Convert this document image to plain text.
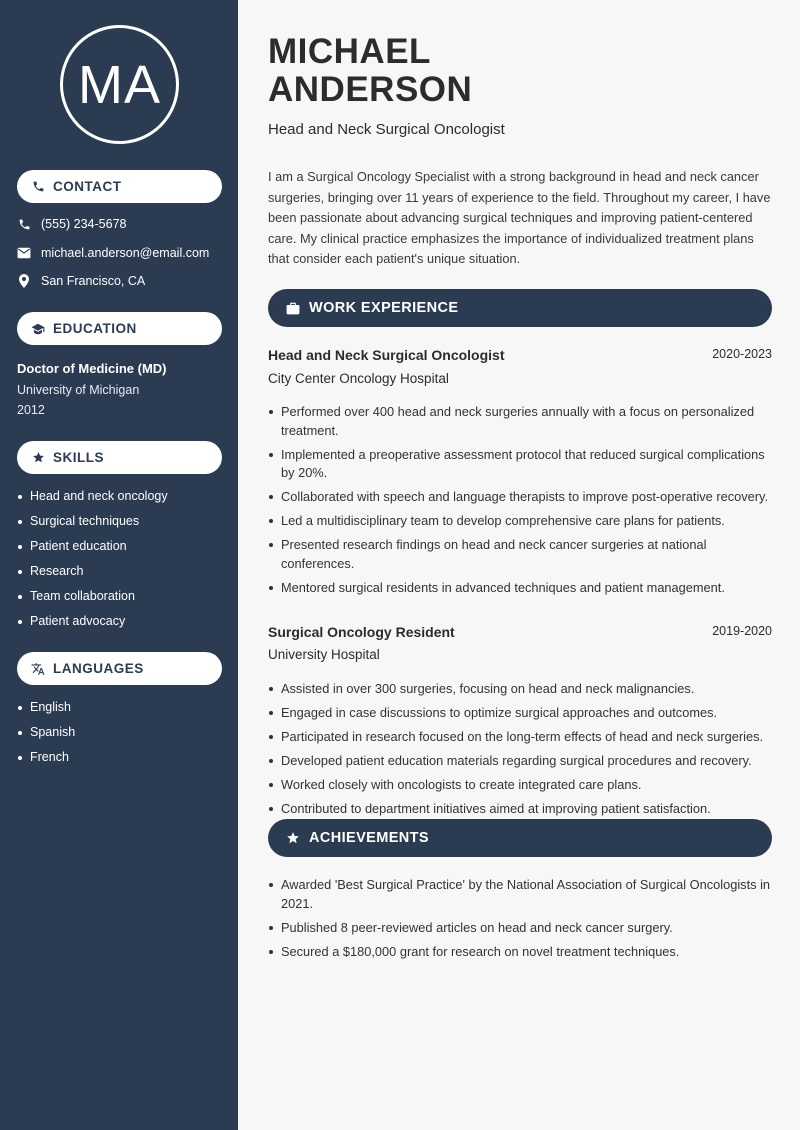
MA
CONTACT
(555) 234-5678
michael.anderson@email.com
San Francisco, CA
EDUCATION
Doctor of Medicine (MD)
University of Michigan
2012
SKILLS
Head and neck oncology
Surgical techniques
Patient education
Research
Team collaboration
Patient advocacy
LANGUAGES
English
Spanish
French
MICHAEL
ANDERSON
Head and Neck Surgical Oncologist

I am a Surgical Oncology Specialist with a strong background in head and neck cancer surgeries, bringing over 11 years of experience to the field. Throughout my career, I have been passionate about advancing surgical techniques and improving patient-centered care. My clinical practice emphasizes the importance of individualized treatment plans that consider each patient's unique situation.

WORK EXPERIENCE
Head and Neck Surgical Oncologist	2020-2023
City Center Oncology Hospital
Performed over 400 head and neck surgeries annually with a focus on personalized treatment.
Implemented a preoperative assessment protocol that reduced surgical complications by 20%.
Collaborated with speech and language therapists to improve post-operative recovery.
Led a multidisciplinary team to develop comprehensive care plans for patients.
Presented research findings on head and neck cancer surgeries at national conferences.
Mentored surgical residents in advanced techniques and patient management.
Surgical Oncology Resident	2019-2020
University Hospital
Assisted in over 300 surgeries, focusing on head and neck malignancies.
Engaged in case discussions to optimize surgical approaches and outcomes.
Participated in research focused on the long-term effects of head and neck surgeries.
Developed patient education materials regarding surgical procedures and recovery.
Worked closely with oncologists to create integrated care plans.
Contributed to department initiatives aimed at improving patient satisfaction.
ACHIEVEMENTS
Awarded 'Best Surgical Practice' by the National Association of Surgical Oncologists in 2021.
Published 8 peer-reviewed articles on head and neck cancer surgery.
Secured a $180,000 grant for research on novel treatment techniques.
